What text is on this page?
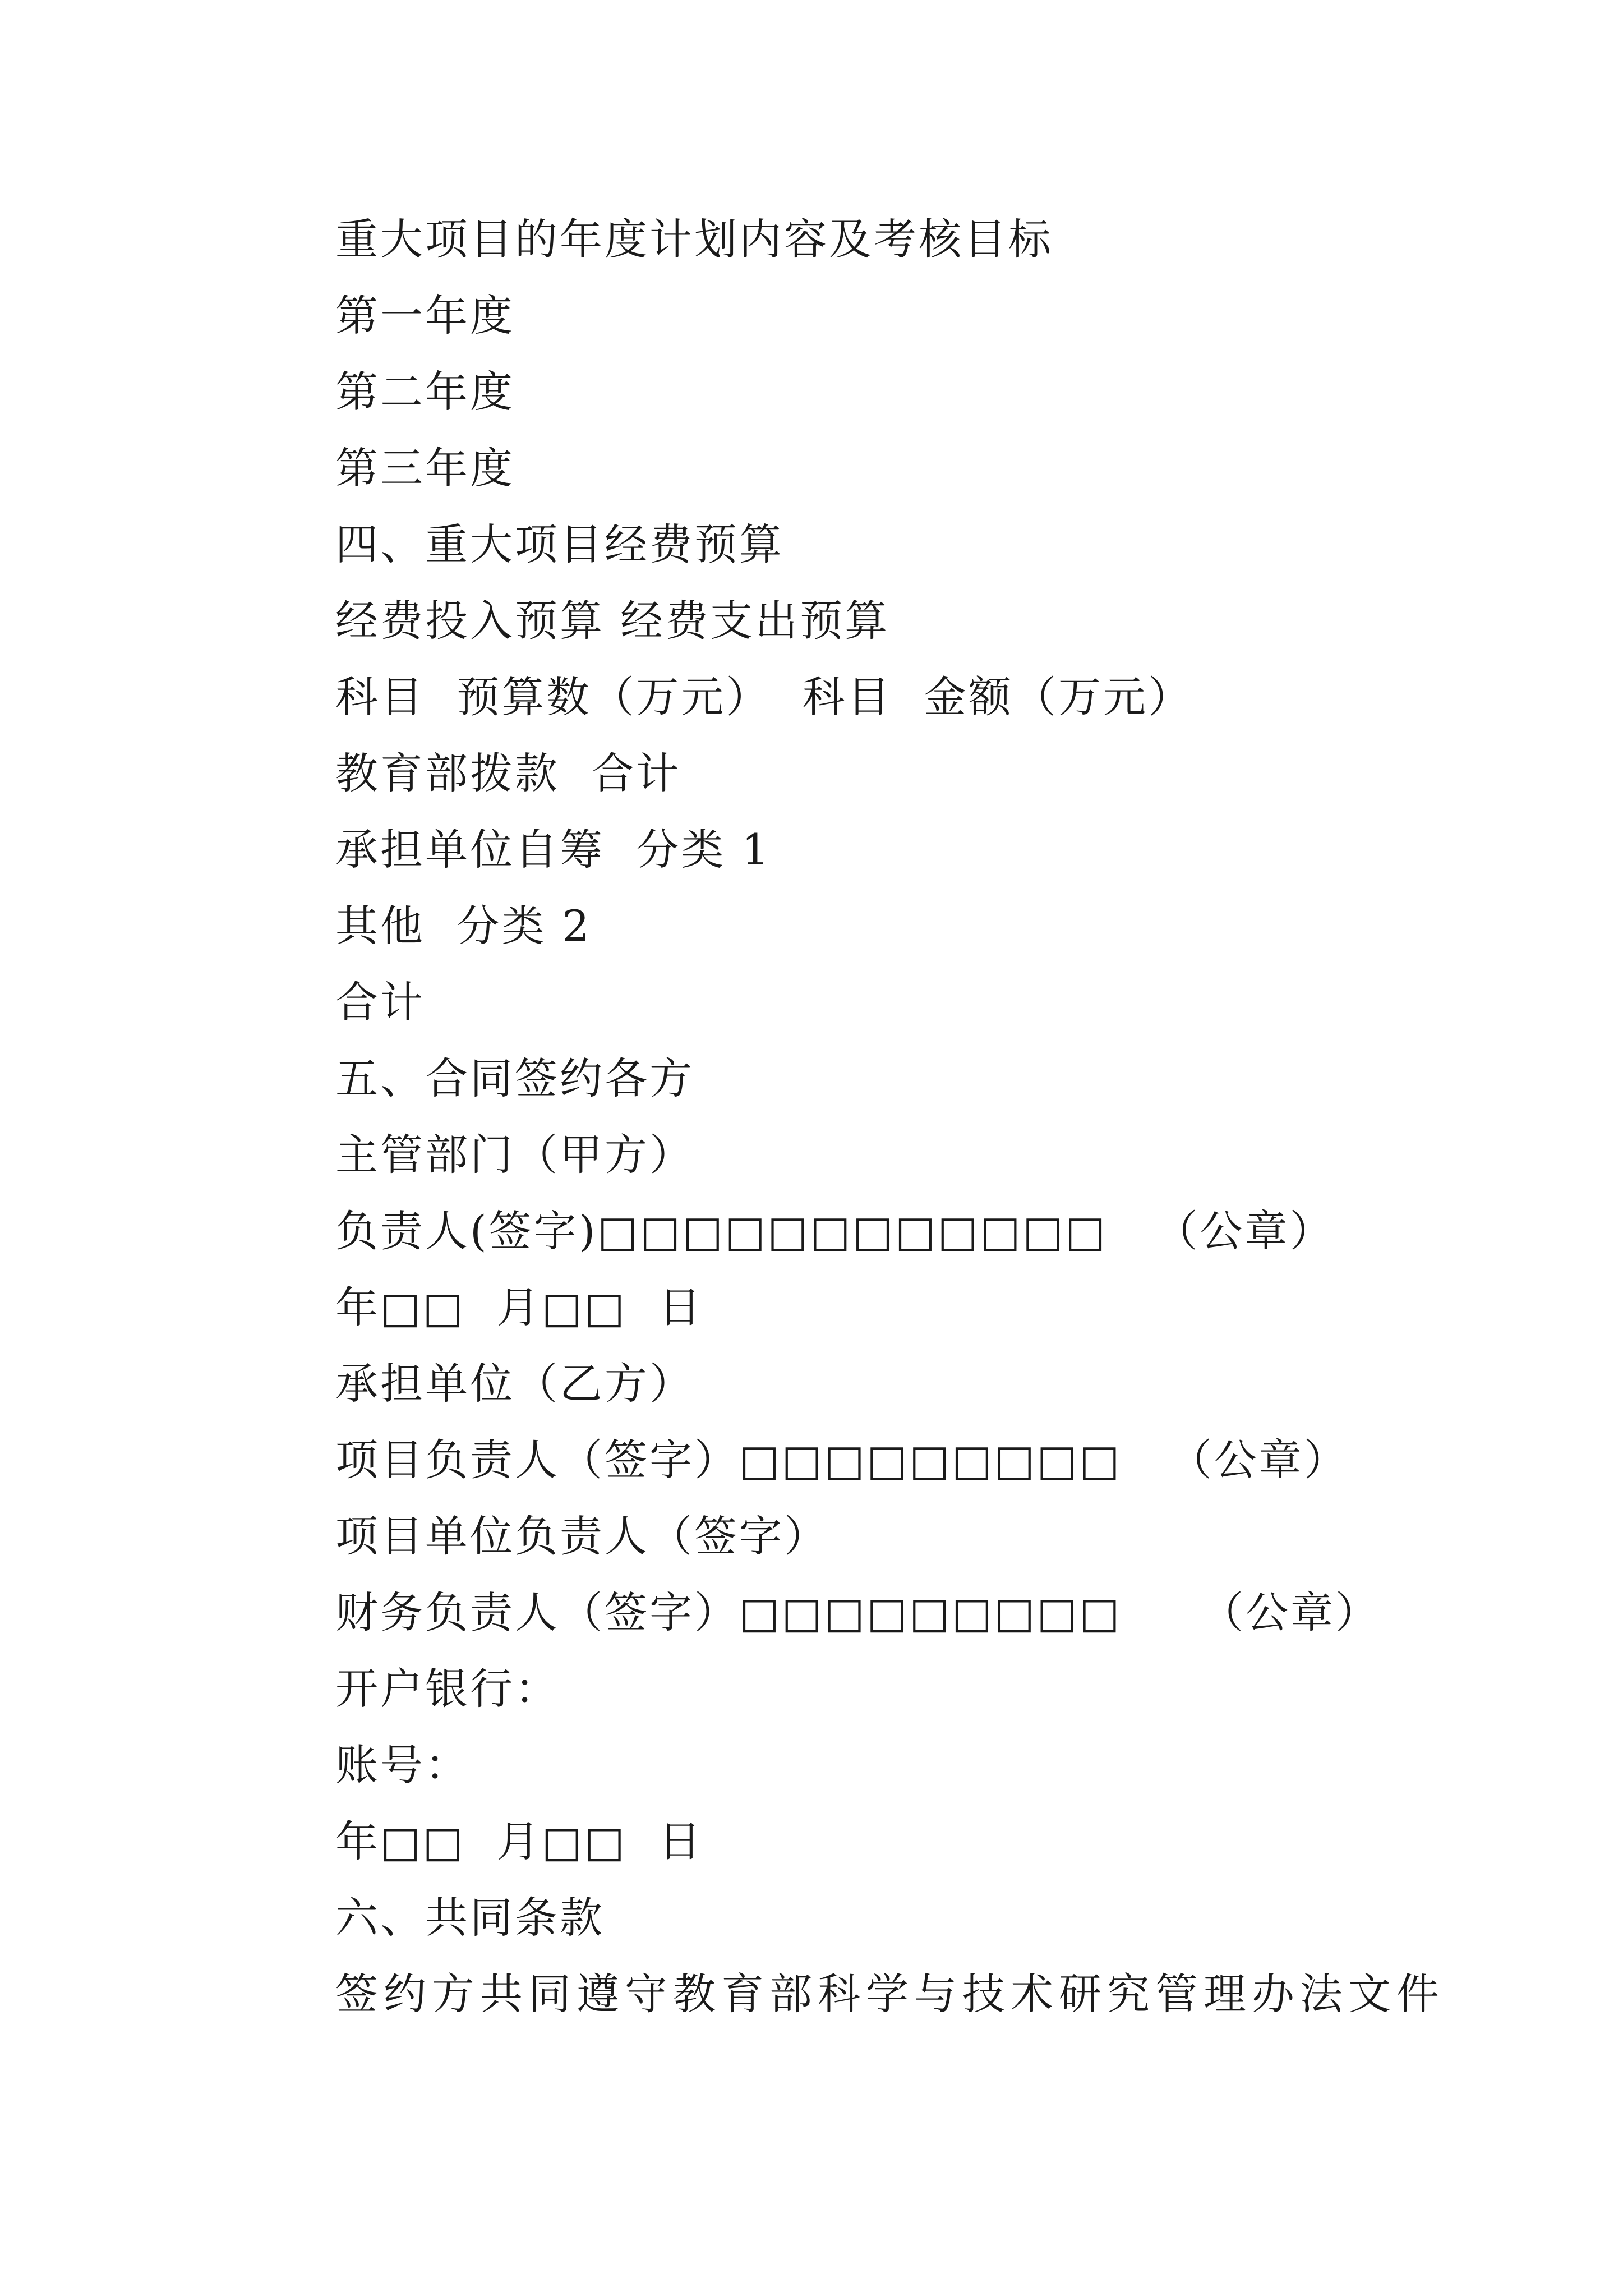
重大项目的年度计划内容及考核目标
第一年度
第二年度
第三年度
四、重大项目经费预算
经费投入预算 经费支出预算
科目  预算数（万元）  科目  金额（万元）
教育部拨款  合计
承担单位自筹  分类 1
其他  分类 2
合计
五、合同签约各方
主管部门（甲方）
负责人(签字)□□□□□□□□□□□□   （公章）
年□□  月□□  日
承担单位（乙方）
项目负责人（签字）□□□□□□□□□   （公章）
项目单位负责人（签字）
财务负责人（签字）□□□□□□□□□     （公章）
开户银行：
账号：
年□□  月□□  日
六、共同条款
签约方共同遵守教育部科学与技术研究管理办法文件
